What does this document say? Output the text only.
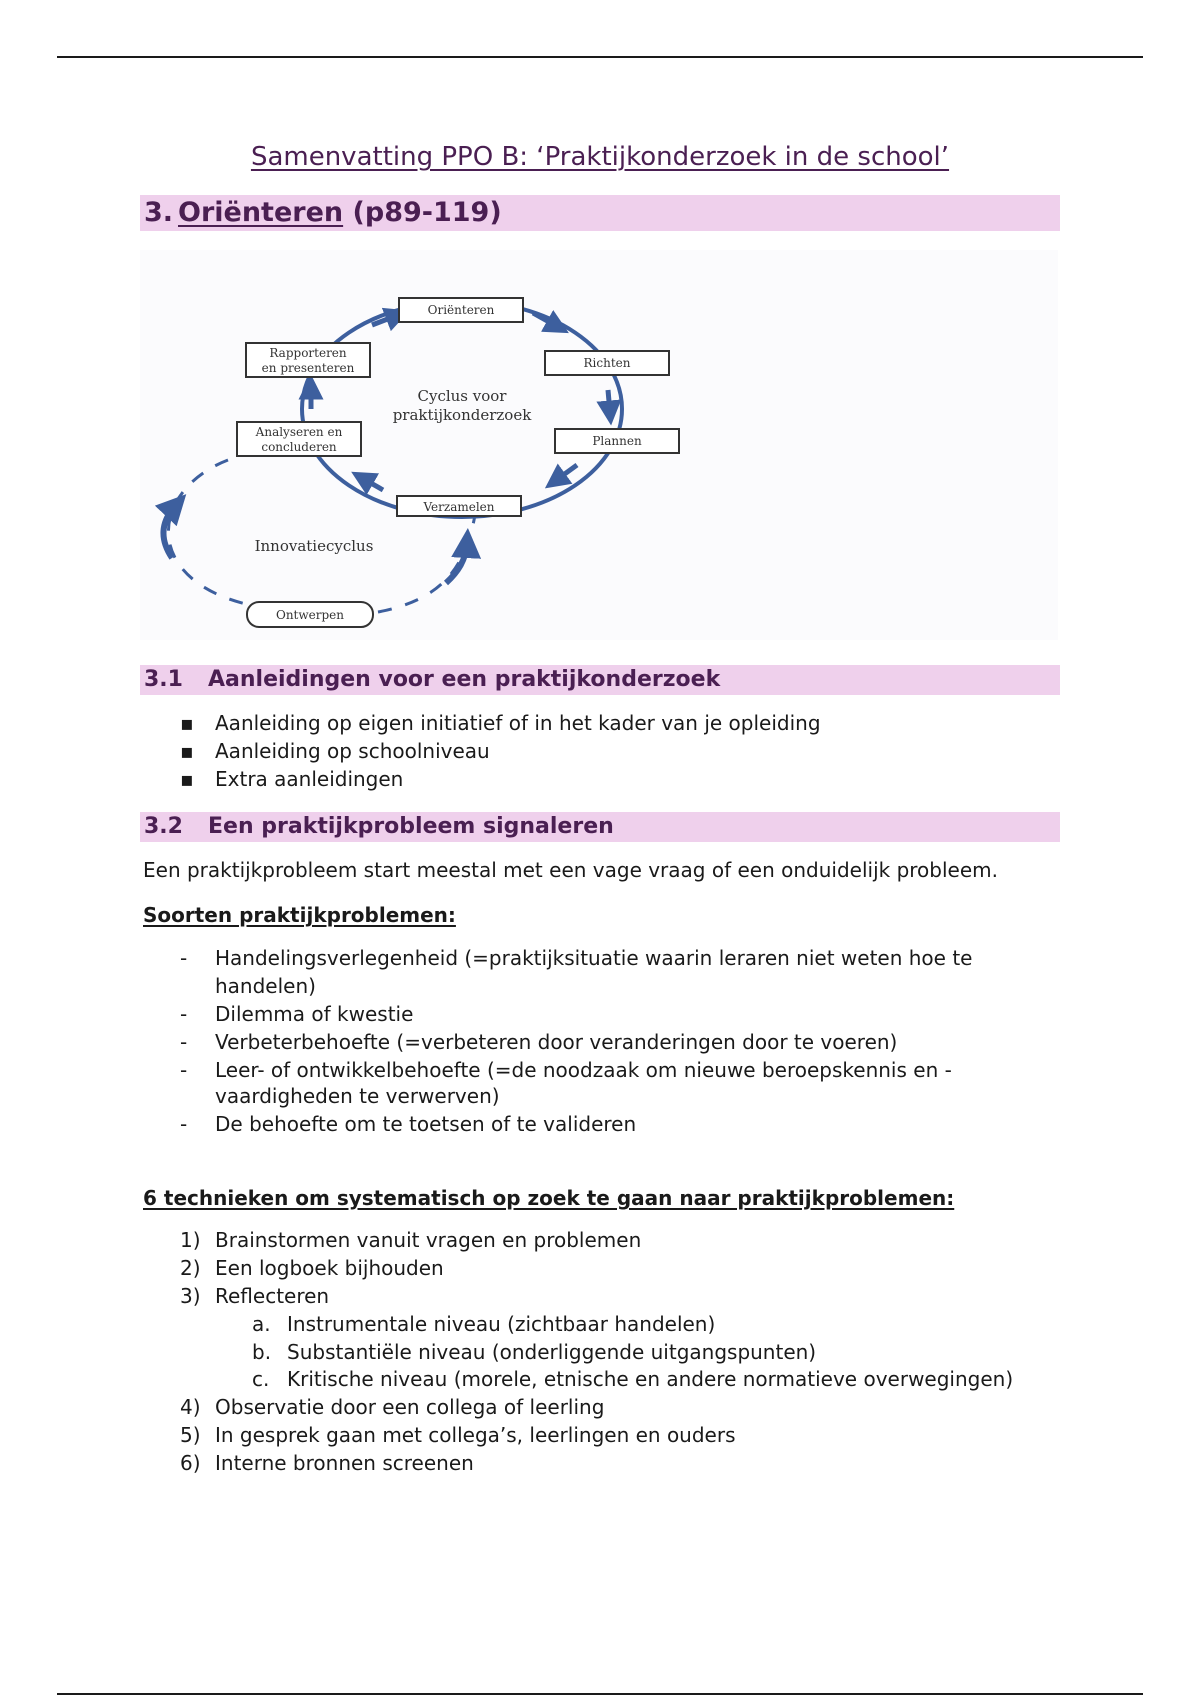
Samenvatting PPO B: ‘Praktijkonderzoek in de school’
3. Oriënteren (p89-119)
Oriënteren
Richten
Plannen
Verzamelen
Analyseren en
concluderen
Rapporteren
en presenteren
Ontwerpen
Cyclus voor
praktijkonderzoek
Innovatiecyclus
3.1 Aanleidingen voor een praktijkonderzoek
▪ Aanleiding op eigen initiatief of in het kader van je opleiding
▪ Aanleiding op schoolniveau
▪ Extra aanleidingen
3.2 Een praktijkprobleem signaleren
Een praktijkprobleem start meestal met een vage vraag of een onduidelijk probleem.
Soorten praktijkproblemen:
- Handelingsverlegenheid (=praktijksituatie waarin leraren niet weten hoe te
handelen)
- Dilemma of kwestie
- Verbeterbehoefte (=verbeteren door veranderingen door te voeren)
- Leer- of ontwikkelbehoefte (=de noodzaak om nieuwe beroepskennis en -
vaardigheden te verwerven)
- De behoefte om te toetsen of te valideren
6 technieken om systematisch op zoek te gaan naar praktijkproblemen:
1) Brainstormen vanuit vragen en problemen
2) Een logboek bijhouden
3) Reflecteren
a. Instrumentale niveau (zichtbaar handelen)
b. Substantiële niveau (onderliggende uitgangspunten)
c. Kritische niveau (morele, etnische en andere normatieve overwegingen)
4) Observatie door een collega of leerling
5) In gesprek gaan met collega’s, leerlingen en ouders
6) Interne bronnen screenen
